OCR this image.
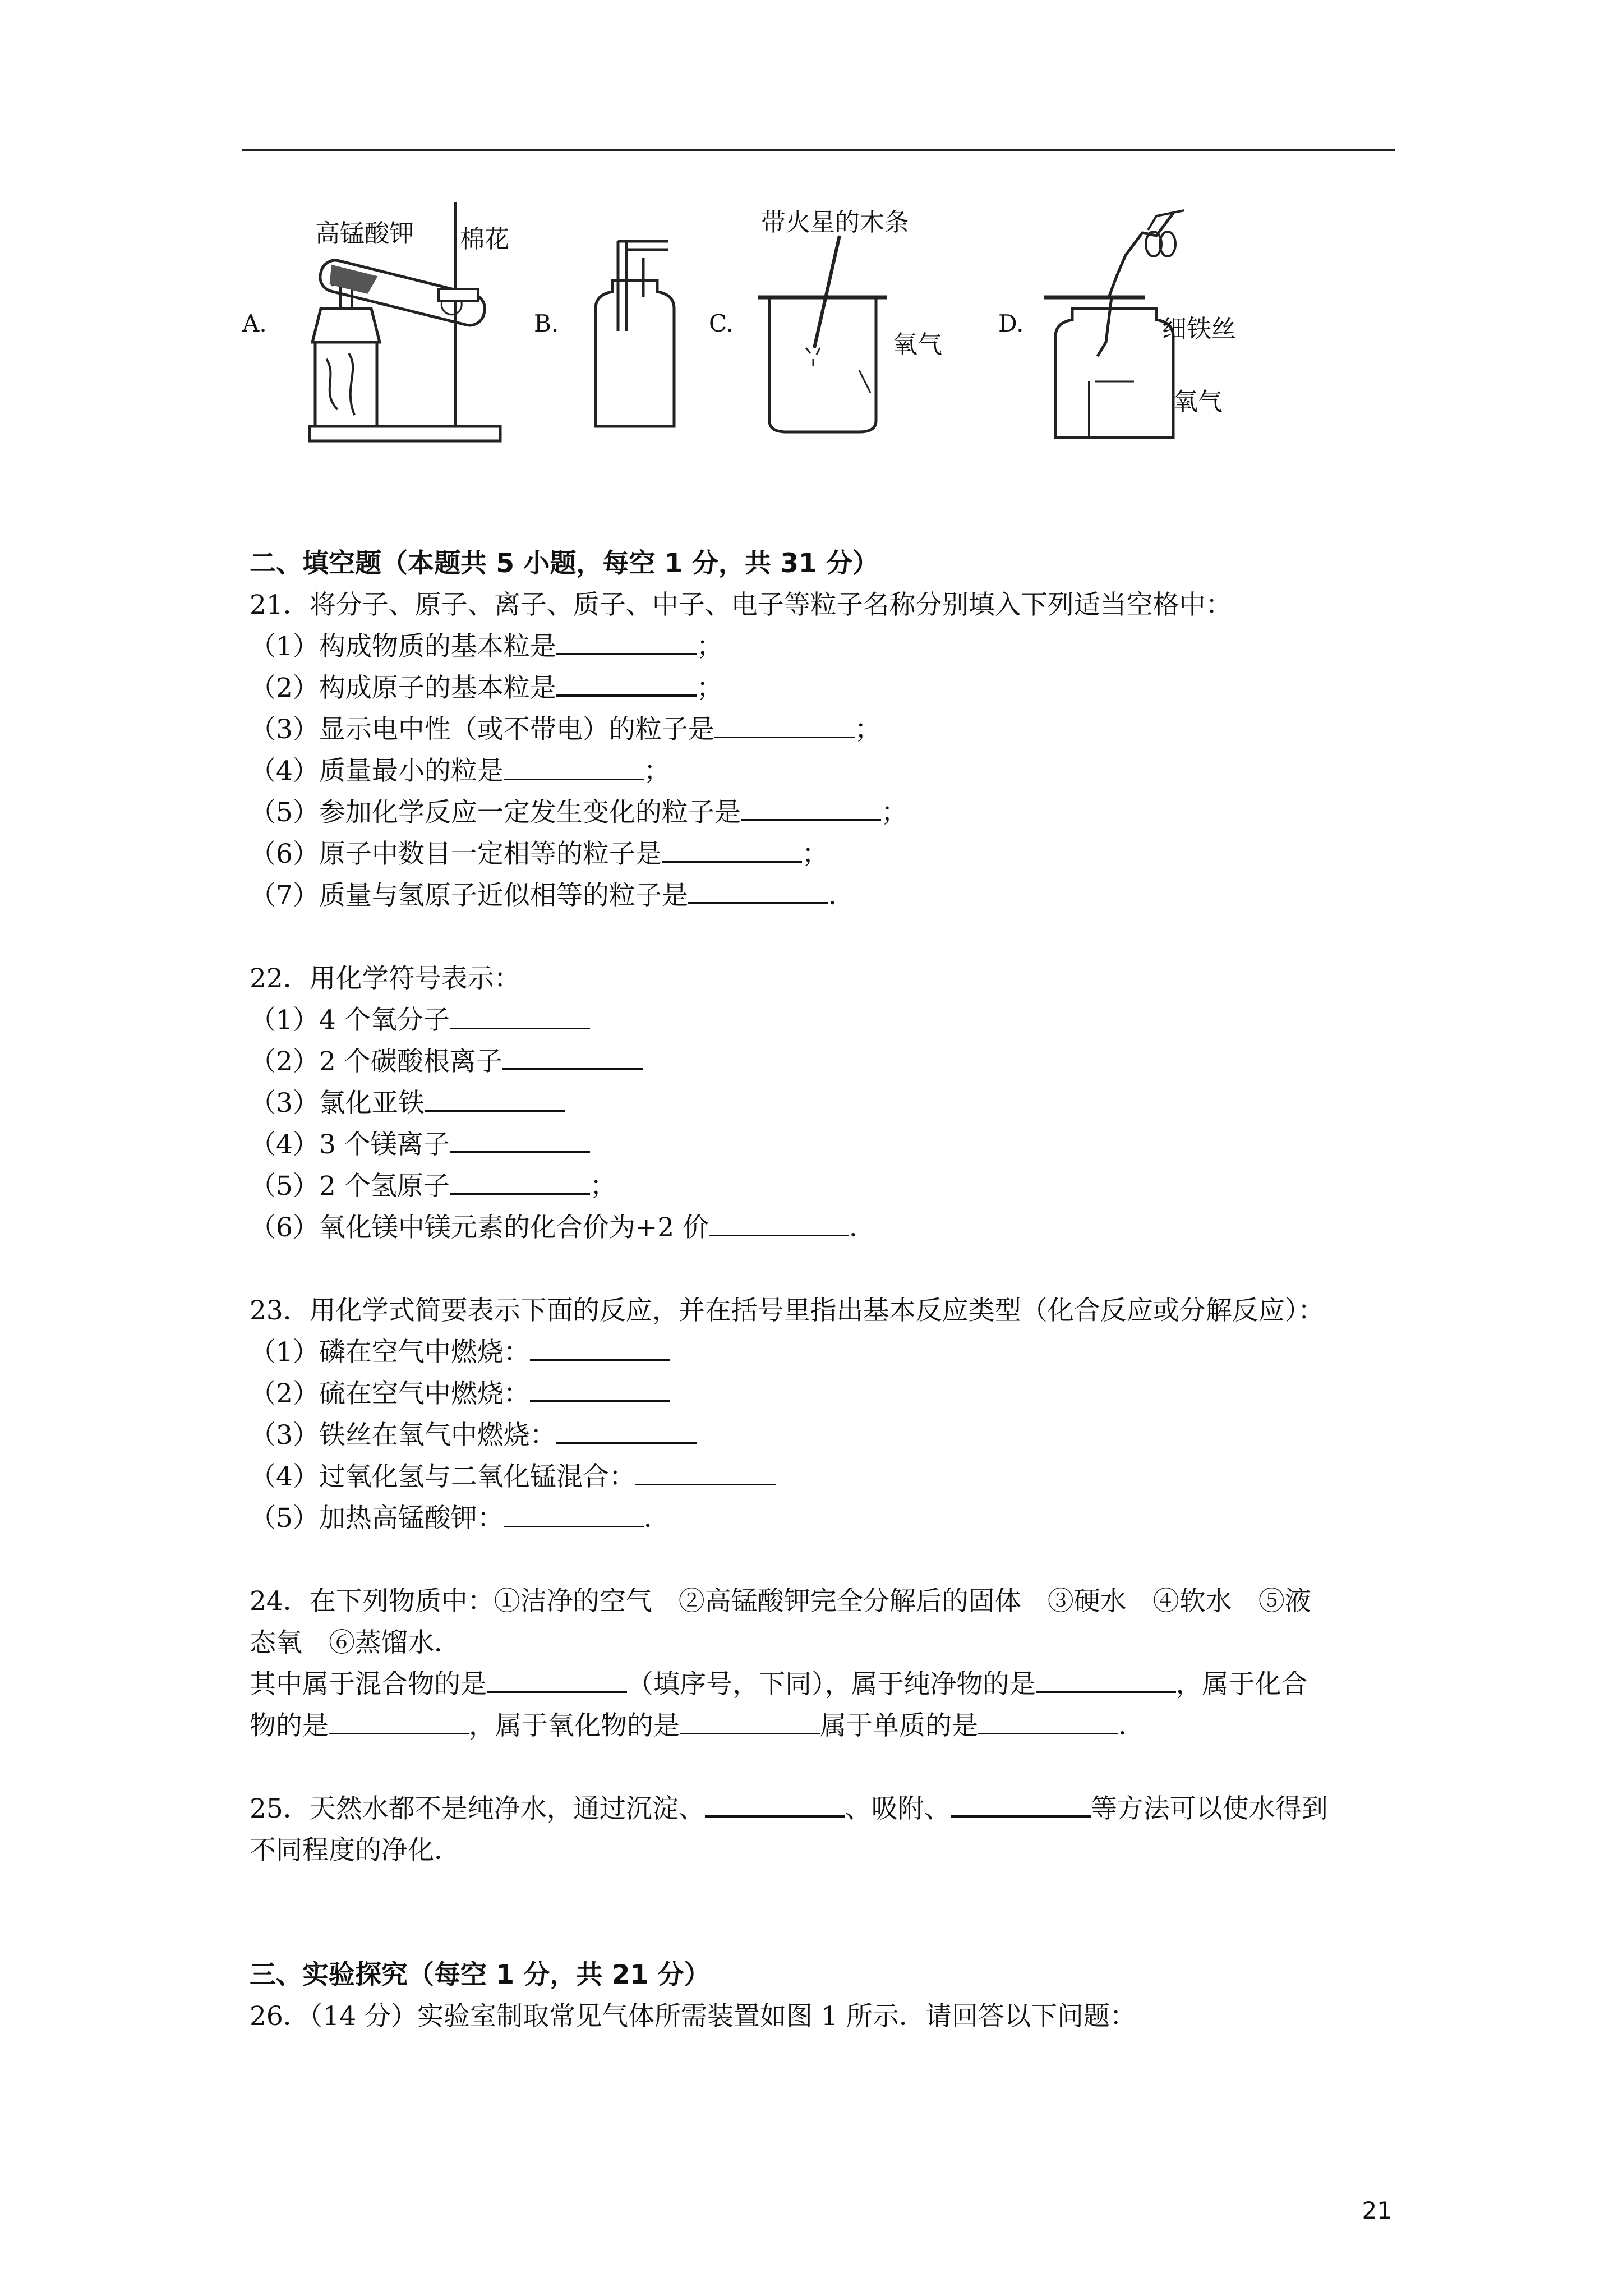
A.	B.	C.	D.
高锰酸钾 棉花
带火星的木条
氧气
细铁丝
氧气
二、填空题（本题共 5 小题，每空 1 分，共 31 分）
21．将分子、原子、离子、质子、中子、电子等粒子名称分别填入下列适当空格中：
（1）构成物质的基本粒是	；
（2）构成原子的基本粒是	；
（3）显示电中性（或不带电）的粒子是	；
（4）质量最小的粒是	；
（5）参加化学反应一定发生变化的粒子是	；
（6）原子中数目一定相等的粒子是	；
（7）质量与氢原子近似相等的粒子是	．
22．用化学符号表示：
（1）4 个氧分子
（2）2 个碳酸根离子
（3）氯化亚铁
（4）3 个镁离子
（5）2 个氢原子	；
（6）氧化镁中镁元素的化合价为+2 价	．
23．用化学式简要表示下面的反应，并在括号里指出基本反应类型（化合反应或分解反应）：
（1）磷在空气中燃烧：
（2）硫在空气中燃烧：
（3）铁丝在氧气中燃烧：
（4）过氧化氢与二氧化锰混合：
（5）加热高锰酸钾：	．
24．在下列物质中：①洁净的空气　②高锰酸钾完全分解后的固体　③硬水　④软水　⑤液
态氧　⑥蒸馏水．
其中属于混合物的是	（填序号，下同），属于纯净物的是	，属于化合
物的是	，属于氧化物的是	属于单质的是	．
25．天然水都不是纯净水，通过沉淀、	、吸附、	等方法可以使水得到
不同程度的净化．
三、实验探究（每空 1 分，共 21 分）
26．（14 分）实验室制取常见气体所需装置如图 1 所示．请回答以下问题：
21
